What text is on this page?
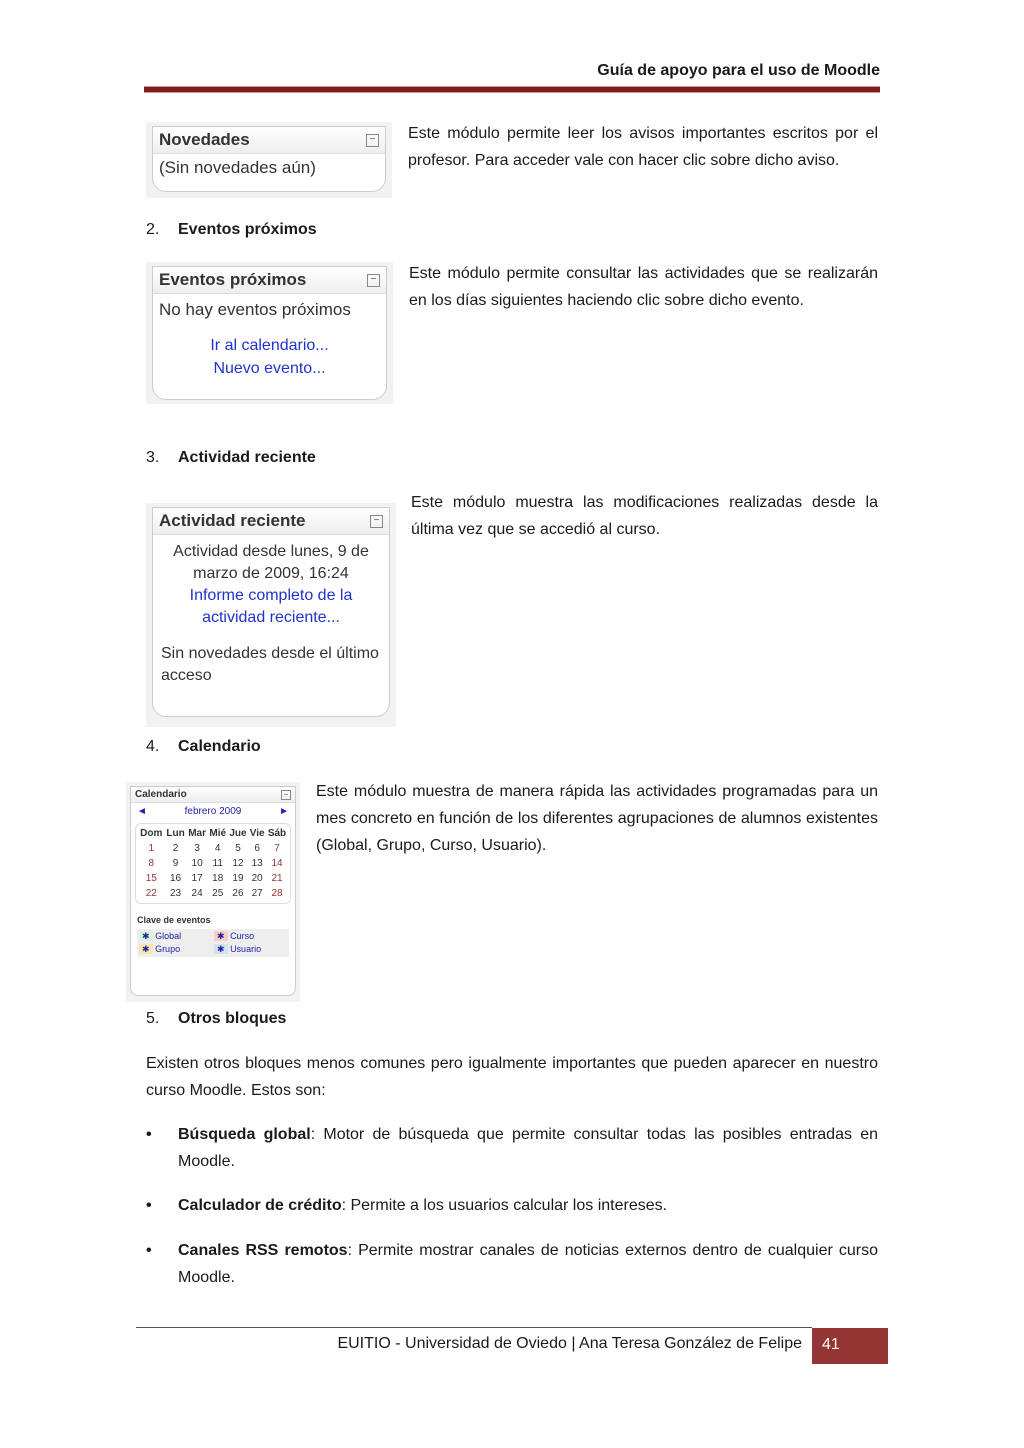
Guía de apoyo para el uso de Moodle
Novedades	−
(Sin novedades aún)
Este módulo permite leer los avisos importantes escritos por el profesor. Para acceder vale con hacer clic sobre dicho aviso.
2. Eventos próximos
Eventos próximos	−
No hay eventos próximos
Ir al calendario...
Nuevo evento...
Este módulo permite consultar las actividades que se realizarán en los días siguientes haciendo clic sobre dicho evento.
3. Actividad reciente
Actividad reciente	−
Actividad desde lunes, 9 de marzo de 2009, 16:24
Informe completo de la actividad reciente...
Sin novedades desde el último acceso
Este módulo muestra las modificaciones realizadas desde la última vez que se accedió al curso.
4. Calendario
Calendario	−
◄	febrero 2009	►
Dom	Lun	Mar	Mié	Jue	Vie	Sáb
1	2	3	4	5	6	7
8	9	10	11	12	13	14
15	16	17	18	19	20	21
22	23	24	25	26	27	28
Clave de eventos
✱ Global	✱ Curso
✱ Grupo	✱ Usuario
Este módulo muestra de manera rápida las actividades programadas para un mes concreto en función de los diferentes agrupaciones de alumnos existentes (Global, Grupo, Curso, Usuario).
5. Otros bloques
Existen otros bloques menos comunes pero igualmente importantes que pueden aparecer en nuestro curso Moodle. Estos son:
• Búsqueda global: Motor de búsqueda que permite consultar todas las posibles entradas en Moodle.
• Calculador de crédito: Permite a los usuarios calcular los intereses.
• Canales RSS remotos: Permite mostrar canales de noticias externos dentro de cualquier curso Moodle.
EUITIO - Universidad de Oviedo | Ana Teresa González de Felipe	41
